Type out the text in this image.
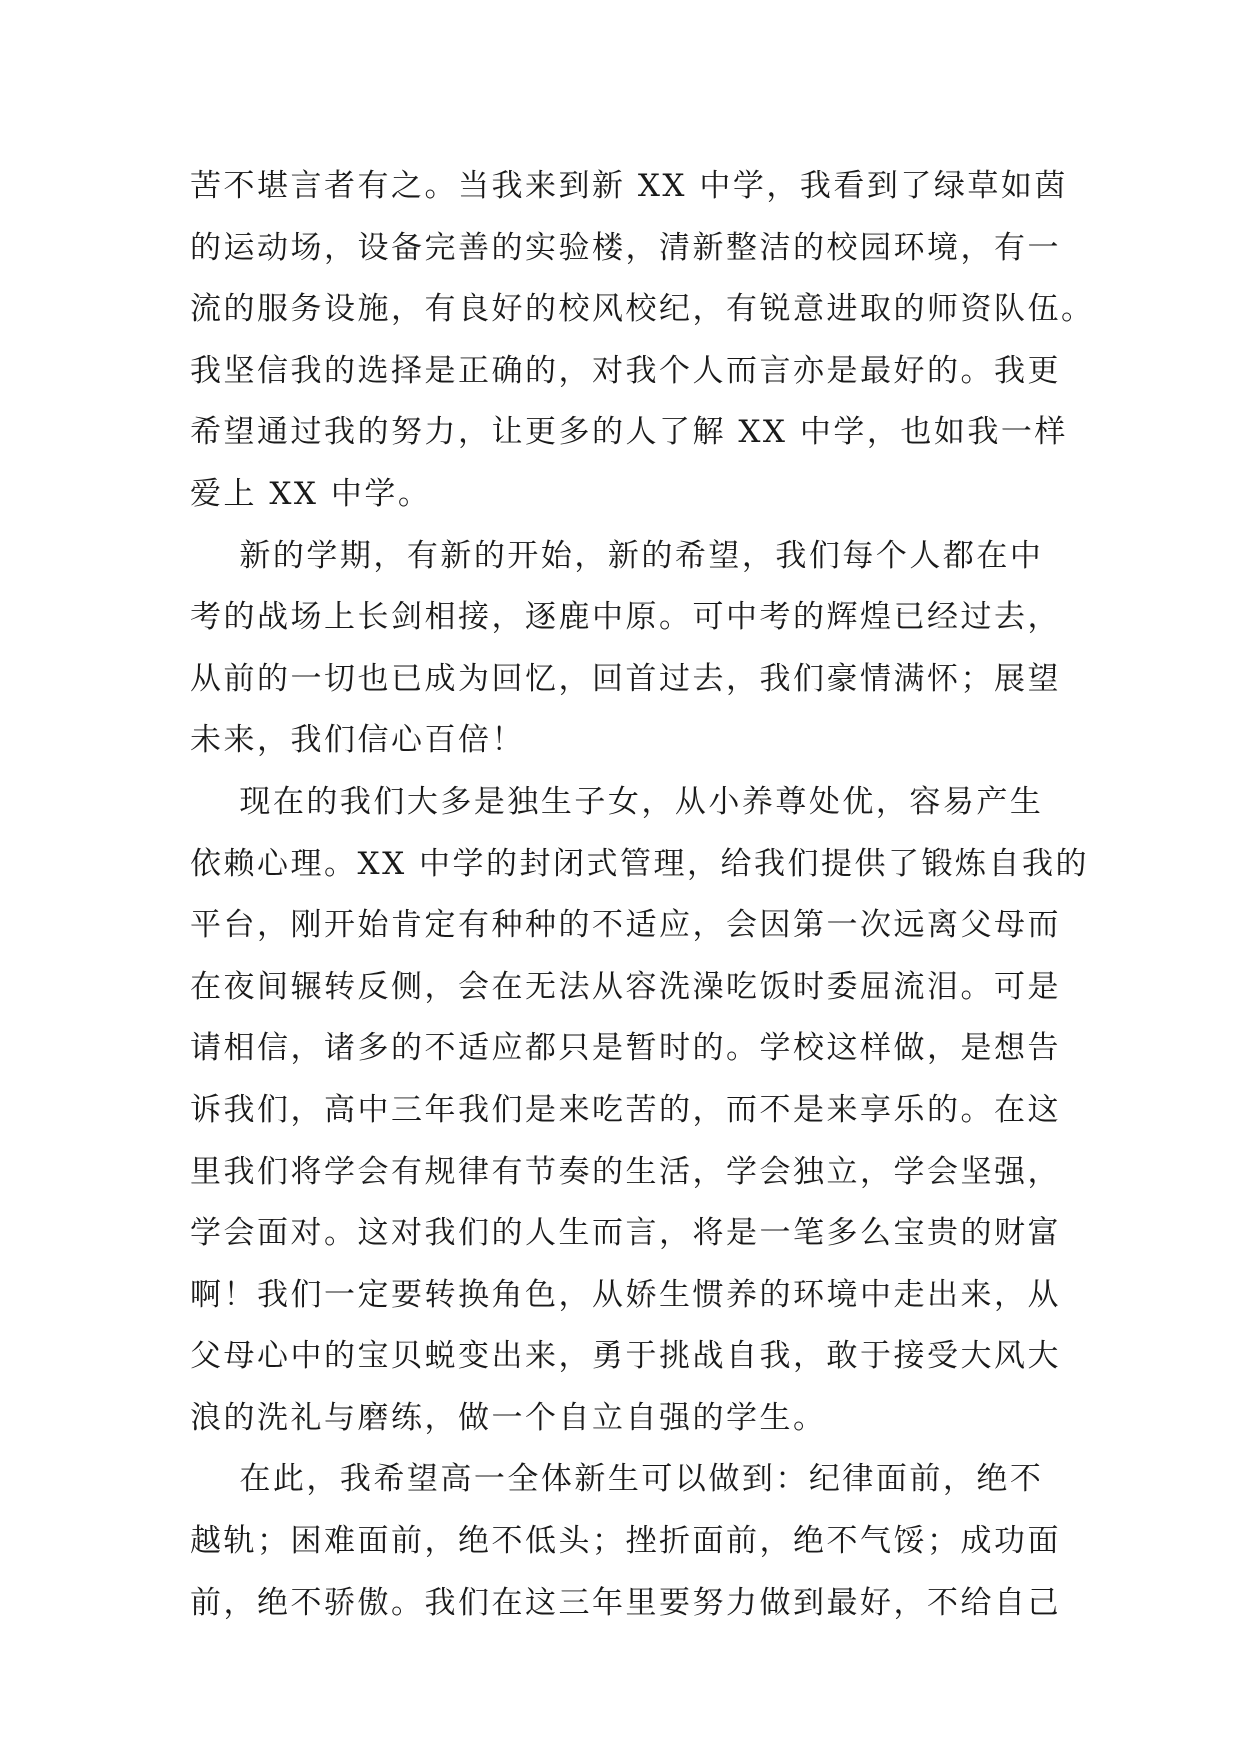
苦不堪言者有之。当我来到新 XX 中学，我看到了绿草如茵
的运动场，设备完善的实验楼，清新整洁的校园环境，有一
流的服务设施，有良好的校风校纪，有锐意进取的师资队伍。
我坚信我的选择是正确的，对我个人而言亦是最好的。我更
希望通过我的努力，让更多的人了解 XX 中学，也如我一样
爱上 XX 中学。
新的学期，有新的开始，新的希望，我们每个人都在中
考的战场上长剑相接，逐鹿中原。可中考的辉煌已经过去，
从前的一切也已成为回忆，回首过去，我们豪情满怀；展望
未来，我们信心百倍！
现在的我们大多是独生子女，从小养尊处优，容易产生
依赖心理。XX 中学的封闭式管理，给我们提供了锻炼自我的
平台，刚开始肯定有种种的不适应，会因第一次远离父母而
在夜间辗转反侧，会在无法从容洗澡吃饭时委屈流泪。可是
请相信，诸多的不适应都只是暂时的。学校这样做，是想告
诉我们，高中三年我们是来吃苦的，而不是来享乐的。在这
里我们将学会有规律有节奏的生活，学会独立，学会坚强，
学会面对。这对我们的人生而言，将是一笔多么宝贵的财富
啊！我们一定要转换角色，从娇生惯养的环境中走出来，从
父母心中的宝贝蜕变出来，勇于挑战自我，敢于接受大风大
浪的洗礼与磨练，做一个自立自强的学生。
在此，我希望高一全体新生可以做到：纪律面前，绝不
越轨；困难面前，绝不低头；挫折面前，绝不气馁；成功面
前，绝不骄傲。我们在这三年里要努力做到最好，不给自己
